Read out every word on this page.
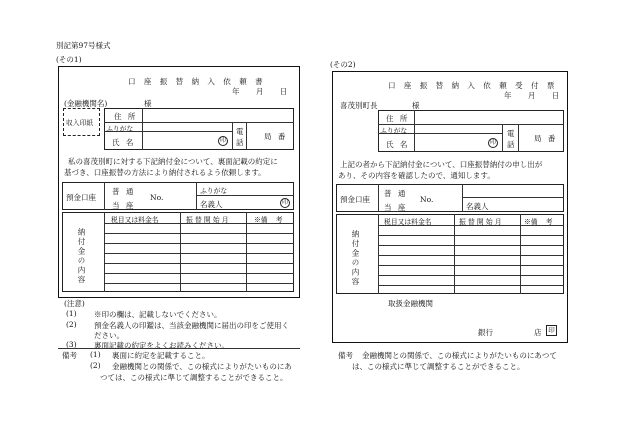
別記第97号様式
(その1)
口 座 振 替 納 入 依 頼 書
年 月 日
(金融機関名)	様
収入印紙
住 所
ふりがな
氏 名	印
電
話
局 番
私の喜茂別町に対する下記納付金について、裏面記載の約定に
基づき、口座振替の方法により納付されるよう依頼します。
預金口座
普 通
No.
当 座
ふりがな
名義人	印
税目又は料金名	振 替 開 始 月	※備 考
納付金の内容
(注意)
(1) ※印の欄は、記載しないでください。
(2) 預金名義人の印鑑は、当該金融機関に届出の印をご使用く
ださい。
(3) 裏面記載の約定をよくお読みください。
備考 (1) 裏面に約定を記載すること。
(2) 金融機関との関係で、この様式によりがたいものにあ
つては、この様式に準じて調整することができること。
(その2)
口 座 振 替 納 入 依 頼 受 付 票
年 月 日
喜茂別町長	様
住 所
ふりがな
氏 名	印
電
話
局 番
上記の者から下記納付金について、口座振替納付の申し出が
あり、その内容を確認したので、通知します。
預金口座
普 通
No.
当 座	名義人
税目又は料金名	振 替 開 始 月	※備 考
納付金の内容
取扱金融機関
銀行	店	印
備考 金融機関との関係で、この様式によりがたいものにあつて
は、この様式に準じて調整することができること。
